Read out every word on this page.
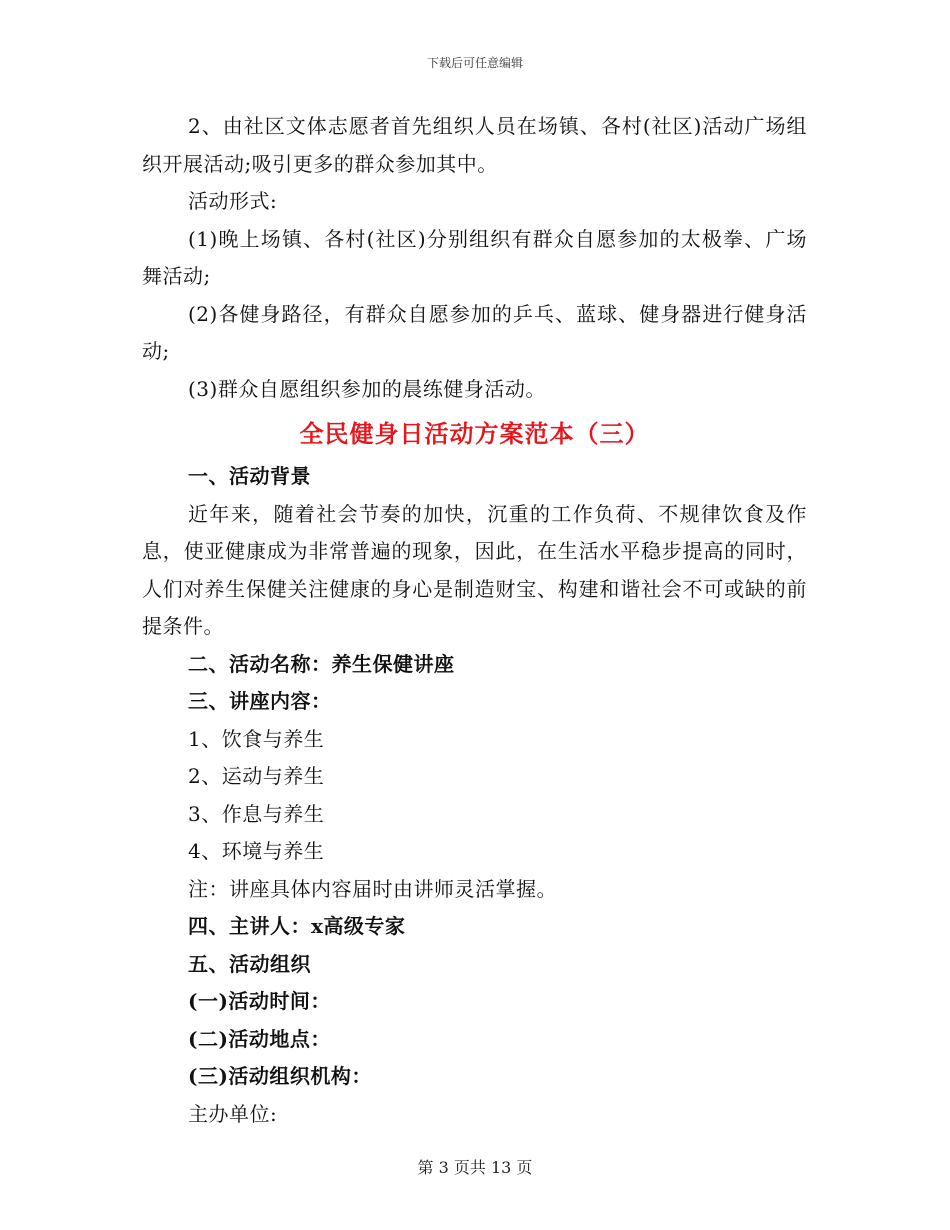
下载后可任意编辑

2、由社区文体志愿者首先组织人员在场镇、各村(社区)活动广场组织开展活动;吸引更多的群众参加其中。

活动形式:

(1)晚上场镇、各村(社区)分别组织有群众自愿参加的太极拳、广场舞活动;

(2)各健身路径，有群众自愿参加的乒乓、蓝球、健身器进行健身活动;

(3)群众自愿组织参加的晨练健身活动。

全民健身日活动方案范本（三）

一、活动背景

近年来，随着社会节奏的加快，沉重的工作负荷、不规律饮食及作息，使亚健康成为非常普遍的现象，因此，在生活水平稳步提高的同时，人们对养生保健关注健康的身心是制造财宝、构建和谐社会不可或缺的前提条件。

二、活动名称：养生保健讲座

三、讲座内容：

1、饮食与养生

2、运动与养生

3、作息与养生

4、环境与养生

注：讲座具体内容届时由讲师灵活掌握。

四、主讲人：x高级专家

五、活动组织

(一)活动时间：

(二)活动地点：

(三)活动组织机构：

主办单位:

第 3 页共 13 页
